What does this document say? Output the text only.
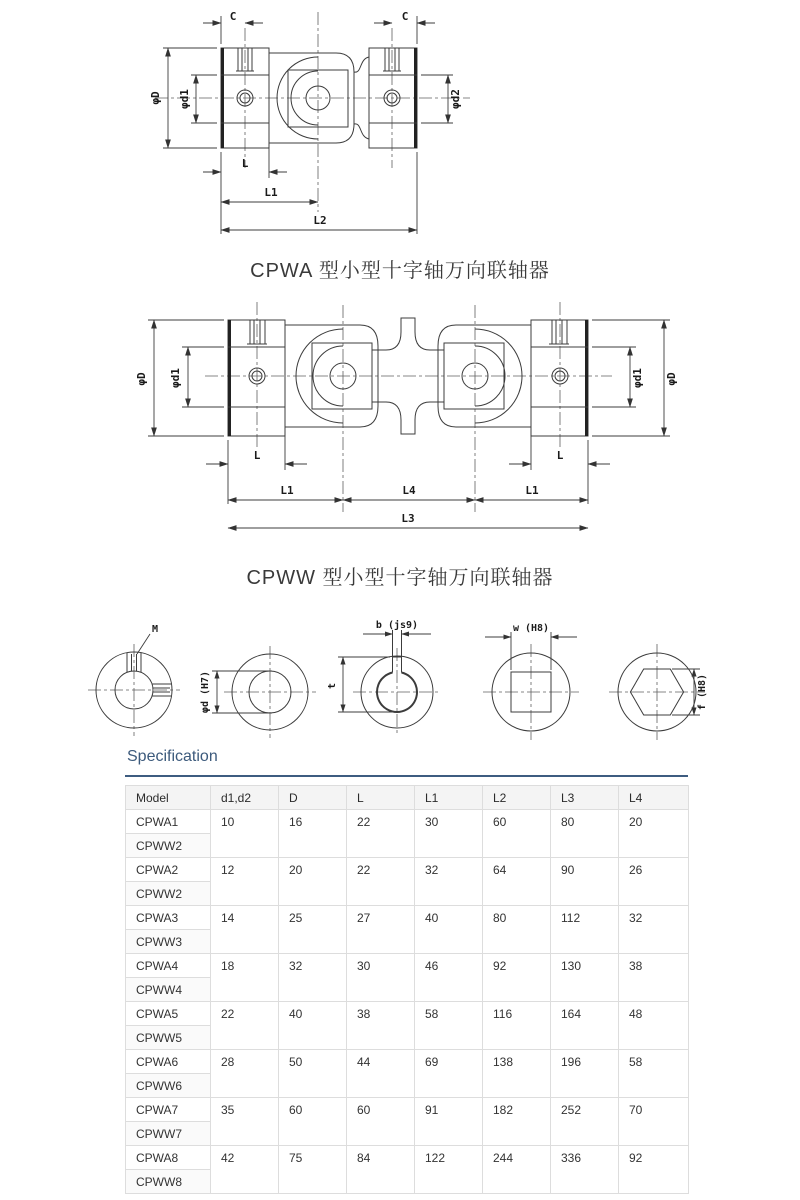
C	C
φD φd1	φd2
L
L1
L2
CPWA 型小型十字轴万向联轴器
φD φd1	φd1 φD
L	L
L1	L4	L1
L3
CPWW 型小型十字轴万向联轴器
M
φd (H7)
b (js9)
t
w (H8)
f (H8)
Specification
Model	d1,d2	D	L	L1	L2	L3	L4
CPWA1	10	16	22	30	60	80	20
CPWW2							
CPWA2	12	20	22	32	64	90	26
CPWW2							
CPWA3	14	25	27	40	80	112	32
CPWW3							
CPWA4	18	32	30	46	92	130	38
CPWW4							
CPWA5	22	40	38	58	116	164	48
CPWW5							
CPWA6	28	50	44	69	138	196	58
CPWW6							
CPWA7	35	60	60	91	182	252	70
CPWW7							
CPWA8	42	75	84	122	244	336	92
CPWW8							
